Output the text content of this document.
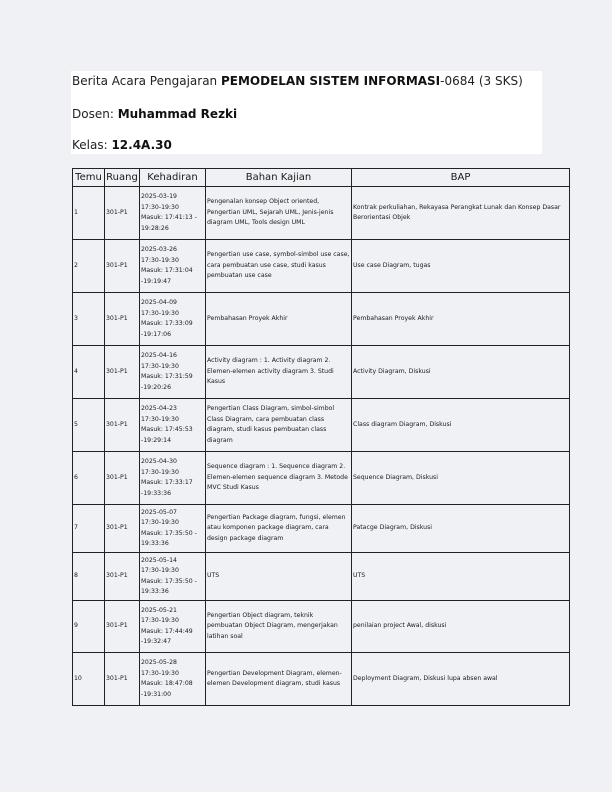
Berita Acara Pengajaran PEMODELAN SISTEM INFORMASI-0684 (3 SKS)
Dosen: Muhammad Rezki
Kelas: 12.4A.30
Temu	Ruang	Kehadiran	Bahan Kajian	BAP
1	301-P1	2025-03-19
17:30-19:30
Masuk: 17:41:13 -
19:28:26	Pengenalan konsep Object oriented, Pengertian UML, Sejarah UML, Jenis-jenis diagram UML, Tools design UML	Kontrak perkuliahan, Rekayasa Perangkat Lunak dan Konsep Dasar Berorientasi Objek
2	301-P1	2025-03-26
17:30-19:30
Masuk: 17:31:04
-19:19:47	Pengertian use case, symbol-simbol use case, cara pembuatan use case, studi kasus pembuatan use case	Use case Diagram, tugas
3	301-P1	2025-04-09
17:30-19:30
Masuk: 17:33:09
-19:17:06	Pembahasan Proyek Akhir	Pembahasan Proyek Akhir
4	301-P1	2025-04-16
17:30-19:30
Masuk: 17:31:59
-19:20:26	Activity diagram : 1. Activity diagram 2. Elemen-elemen activity diagram 3. Studi Kasus	Activity Diagram, Diskusi
5	301-P1	2025-04-23
17:30-19:30
Masuk: 17:45:53
-19:29:14	Pengertian Class Diagram, simbol-simbol Class Diagram, cara pembuatan class diagram, studi kasus pembuatan class diagram	Class diagram Diagram, Diskusi
6	301-P1	2025-04-30
17:30-19:30
Masuk: 17:33:17
-19:33:36	Sequence diagram : 1. Sequence diagram 2. Elemen-elemen sequence diagram 3. Metode MVC Studi Kasus	Sequence Diagram, Diskusi
7	301-P1	2025-05-07
17:30-19:30
Masuk: 17:35:50 -
19:33:36	Pengertian Package diagram, fungsi, elemen atau komponen package diagram, cara design package diagram	Patacge Diagram, Diskusi
8	301-P1	2025-05-14
17:30-19:30
Masuk: 17:35:50 -
19:33:36	UTS	UTS
9	301-P1	2025-05-21
17:30-19:30
Masuk: 17:44:49
-19:32:47	Pengertian Object diagram, teknik pembuatan Object Diagram, mengerjakan latihan soal	penilaian project Awal, diskusi
10	301-P1	2025-05-28
17:30-19:30
Masuk: 18:47:08
-19:31:00	Pengertian Development Diagram, elemen-elemen Development diagram, studi kasus	Deployment Diagram, Diskusi lupa absen awal
